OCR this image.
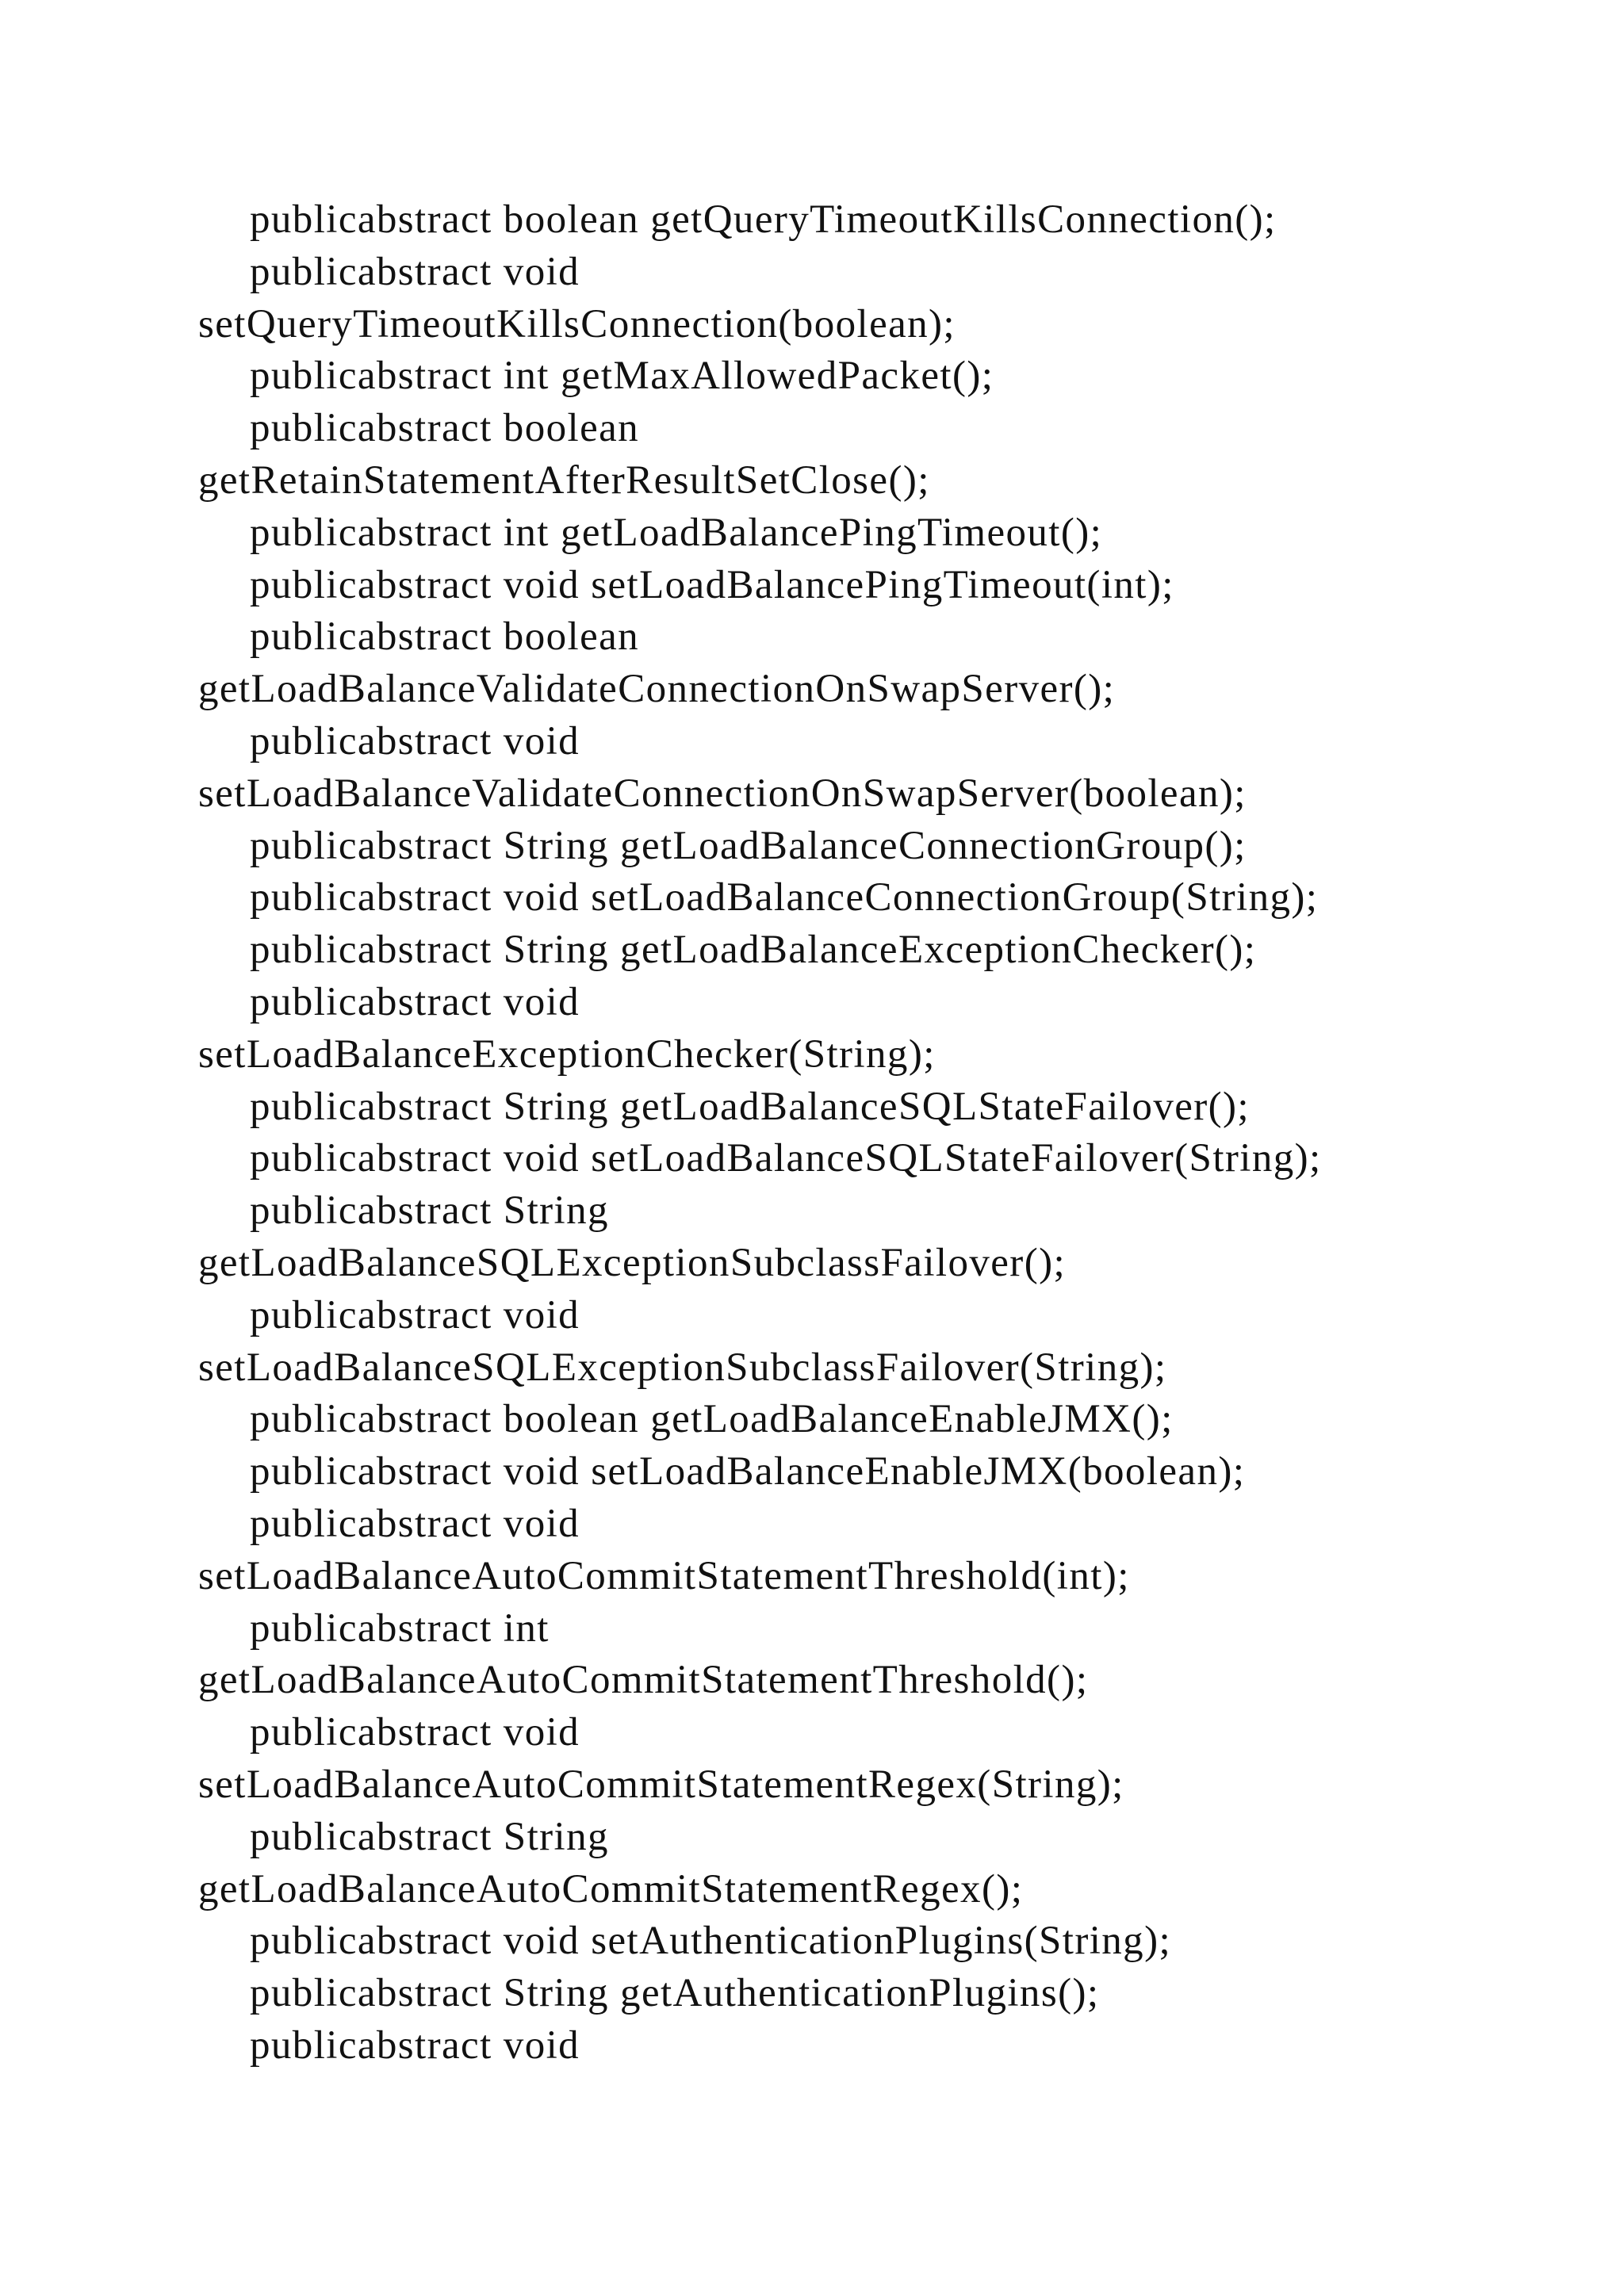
publicabstract boolean getQueryTimeoutKillsConnection();
publicabstract void
setQueryTimeoutKillsConnection(boolean);
publicabstract int getMaxAllowedPacket();
publicabstract boolean
getRetainStatementAfterResultSetClose();
publicabstract int getLoadBalancePingTimeout();
publicabstract void setLoadBalancePingTimeout(int);
publicabstract boolean
getLoadBalanceValidateConnectionOnSwapServer();
publicabstract void
setLoadBalanceValidateConnectionOnSwapServer(boolean);
publicabstract String getLoadBalanceConnectionGroup();
publicabstract void setLoadBalanceConnectionGroup(String);
publicabstract String getLoadBalanceExceptionChecker();
publicabstract void
setLoadBalanceExceptionChecker(String);
publicabstract String getLoadBalanceSQLStateFailover();
publicabstract void setLoadBalanceSQLStateFailover(String);
publicabstract String
getLoadBalanceSQLExceptionSubclassFailover();
publicabstract void
setLoadBalanceSQLExceptionSubclassFailover(String);
publicabstract boolean getLoadBalanceEnableJMX();
publicabstract void setLoadBalanceEnableJMX(boolean);
publicabstract void
setLoadBalanceAutoCommitStatementThreshold(int);
publicabstract int
getLoadBalanceAutoCommitStatementThreshold();
publicabstract void
setLoadBalanceAutoCommitStatementRegex(String);
publicabstract String
getLoadBalanceAutoCommitStatementRegex();
publicabstract void setAuthenticationPlugins(String);
publicabstract String getAuthenticationPlugins();
publicabstract void
